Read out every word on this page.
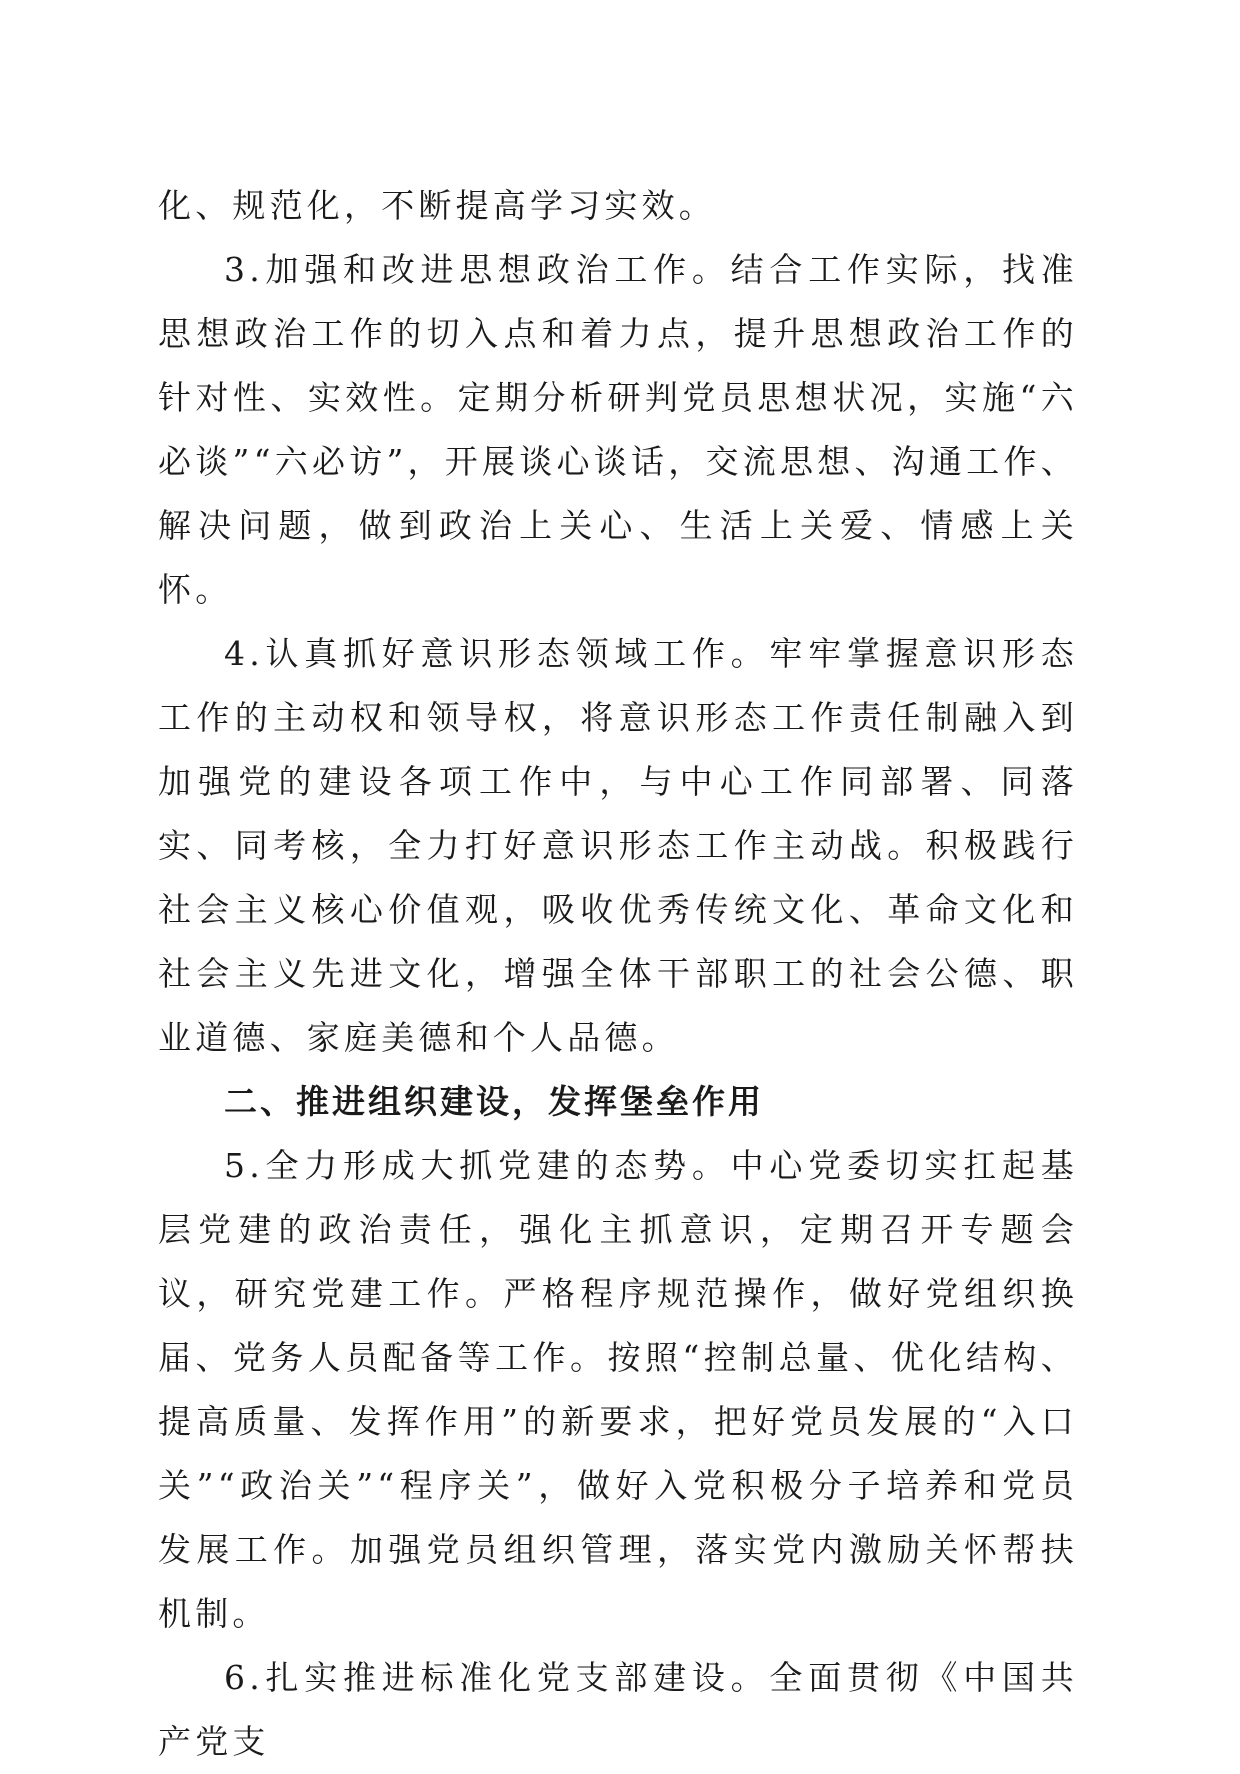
化、规范化，不断提高学习实效。

3.加强和改进思想政治工作。结合工作实际，找准思想政治工作的切入点和着力点，提升思想政治工作的针对性、实效性。定期分析研判党员思想状况，实施“六必谈”“六必访”，开展谈心谈话，交流思想、沟通工作、解决问题，做到政治上关心、生活上关爱、情感上关怀。

4.认真抓好意识形态领域工作。牢牢掌握意识形态工作的主动权和领导权，将意识形态工作责任制融入到加强党的建设各项工作中，与中心工作同部署、同落实、同考核，全力打好意识形态工作主动战。积极践行社会主义核心价值观，吸收优秀传统文化、革命文化和社会主义先进文化，增强全体干部职工的社会公德、职业道德、家庭美德和个人品德。

二、推进组织建设，发挥堡垒作用

5.全力形成大抓党建的态势。中心党委切实扛起基层党建的政治责任，强化主抓意识，定期召开专题会议，研究党建工作。严格程序规范操作，做好党组织换届、党务人员配备等工作。按照“控制总量、优化结构、提高质量、发挥作用”的新要求，把好党员发展的“入口关”“政治关”“程序关”，做好入党积极分子培养和党员发展工作。加强党员组织管理，落实党内激励关怀帮扶机制。

6.扎实推进标准化党支部建设。全面贯彻《中国共产党支
